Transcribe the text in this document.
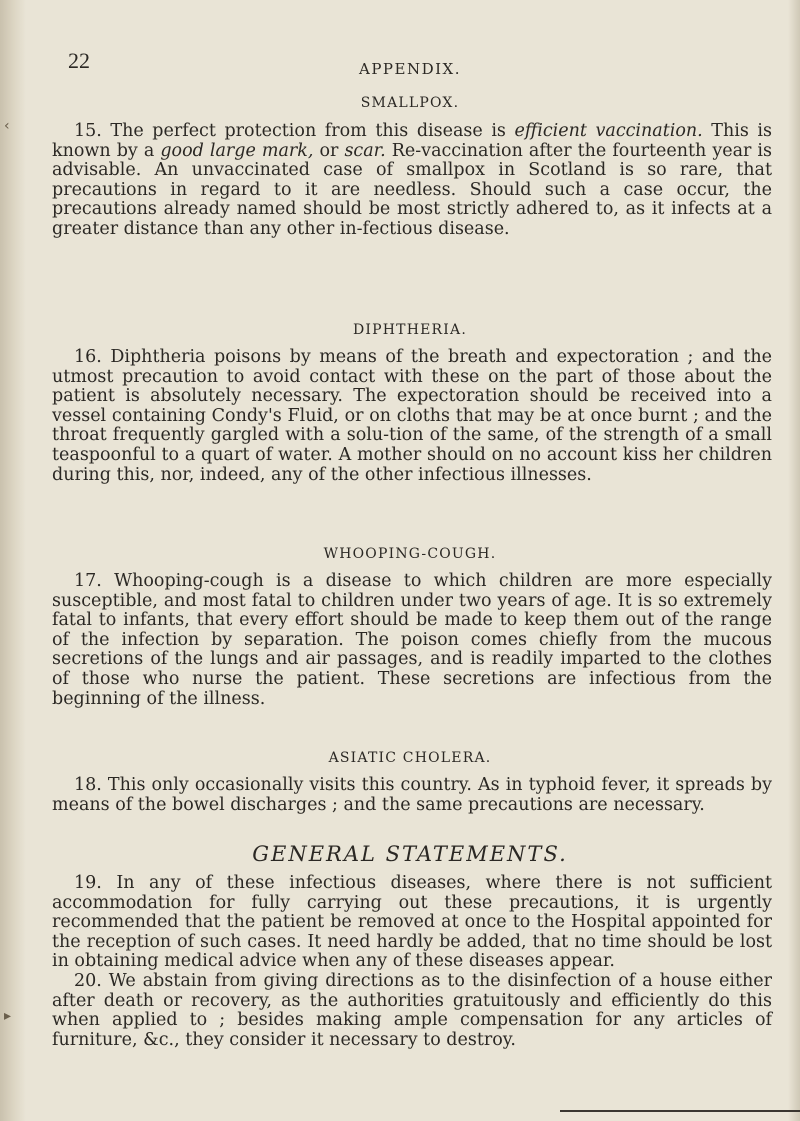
‹
▸
22	APPENDIX.
SMALLPOX.
15. The perfect protection from this disease is efficient vaccination. This is known by a good large mark, or scar. Re-vaccination after the fourteenth year is advisable. An unvaccinated case of smallpox in Scotland is so rare, that precautions in regard to it are needless. Should such a case occur, the precautions already named should be most strictly adhered to, as it infects at a greater distance than any other in-fectious disease.
DIPHTHERIA.
16. Diphtheria poisons by means of the breath and expectoration ; and the utmost precaution to avoid contact with these on the part of those about the patient is absolutely necessary. The expectoration should be received into a vessel containing Condy's Fluid, or on cloths that may be at once burnt ; and the throat frequently gargled with a solu-tion of the same, of the strength of a small teaspoonful to a quart of water. A mother should on no account kiss her children during this, nor, indeed, any of the other infectious illnesses.
WHOOPING-COUGH.
17. Whooping-cough is a disease to which children are more especially susceptible, and most fatal to children under two years of age. It is so extremely fatal to infants, that every effort should be made to keep them out of the range of the infection by separation. The poison comes chiefly from the mucous secretions of the lungs and air passages, and is readily imparted to the clothes of those who nurse the patient. These secretions are infectious from the beginning of the illness.
ASIATIC CHOLERA.
18. This only occasionally visits this country. As in typhoid fever, it spreads by means of the bowel discharges ; and the same precautions are necessary.
GENERAL STATEMENTS.
19. In any of these infectious diseases, where there is not sufficient accommodation for fully carrying out these precautions, it is urgently recommended that the patient be removed at once to the Hospital appointed for the reception of such cases. It need hardly be added, that no time should be lost in obtaining medical advice when any of these diseases appear.
20. We abstain from giving directions as to the disinfection of a house either after death or recovery, as the authorities gratuitously and efficiently do this when applied to ; besides making ample compensation for any articles of furniture, &c., they consider it necessary to destroy.
